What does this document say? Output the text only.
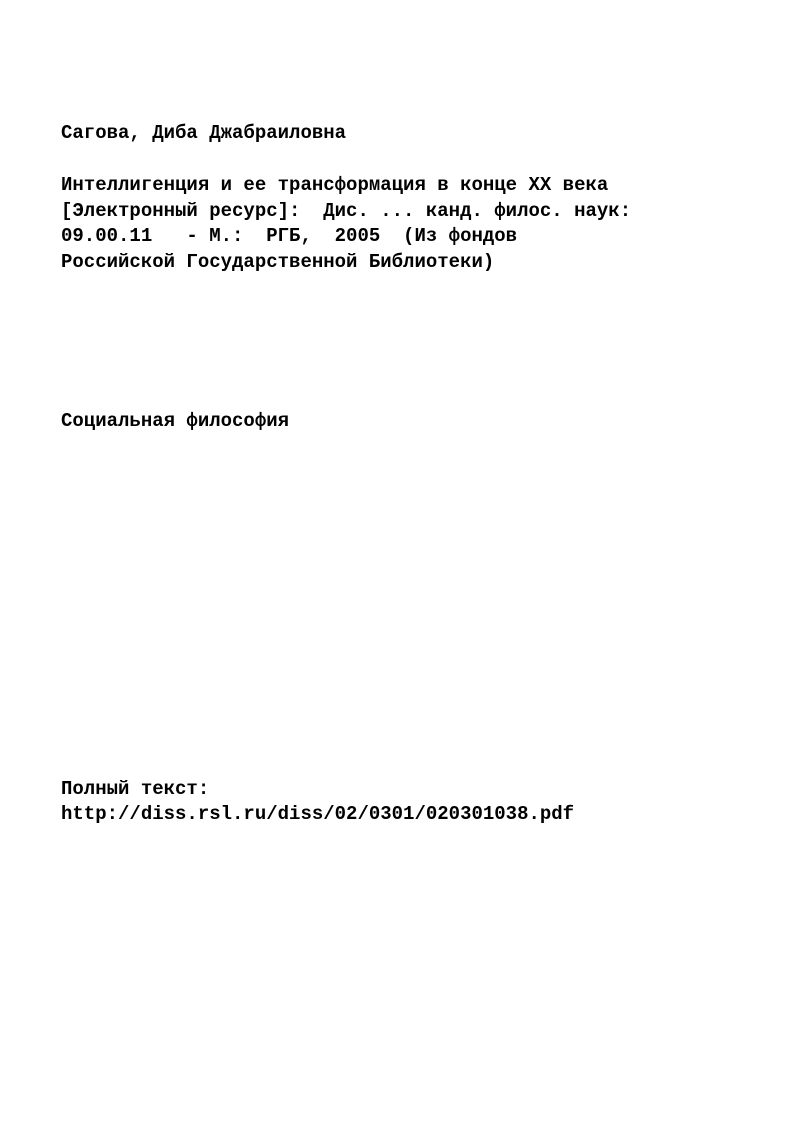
Сагова, Диба Джабраиловна

Интеллигенция и ее трансформация в конце XX века
[Электронный ресурс]:  Дис. ... канд. филос. наук:
09.00.11   - М.:  РГБ,  2005  (Из фондов
Российской Государственной Библиотеки)

Социальная философия

Полный текст:

http://diss.rsl.ru/diss/02/0301/020301038.pdf
